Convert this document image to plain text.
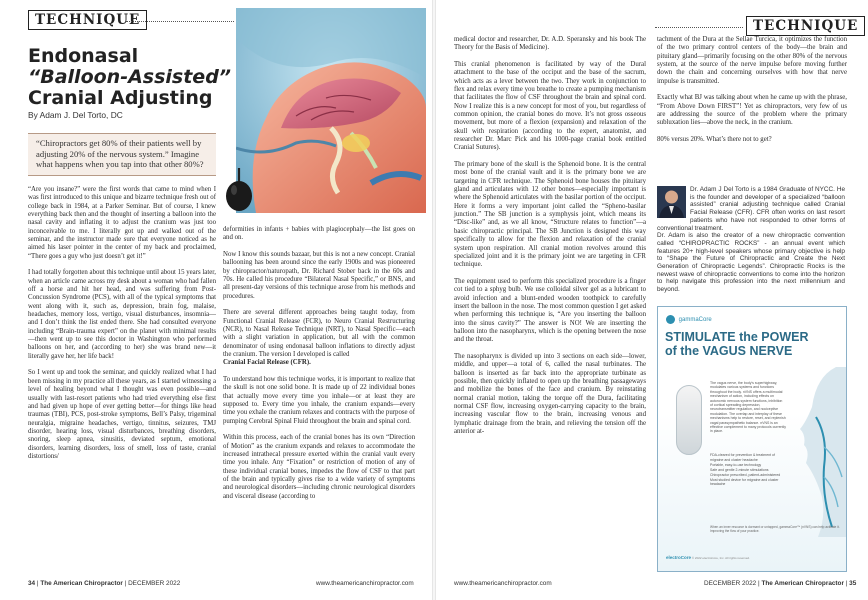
TECHNIQUE
Endonasal
“Balloon-Assisted”
Cranial Adjusting
By Adam J. Del Torto, DC
“Chiropractors get 80% of their patients well by adjusting 20% of the nervous system.” Imagine what happens when you tap into that other 80%?

“Are you insane?” were the first words that came to mind when I was first introduced to this unique and bizarre technique fresh out of college back in 1984, at a Parker Seminar. But of course, I knew everything back then and the thought of inserting a balloon into the nasal cavity and inflating it to adjust the cranium was just too inconceivable to me. I literally got up and walked out of the seminar, and the instructor made sure that everyone noticed as he aimed his laser pointer in the center of my back and proclaimed, “There goes a guy who just doesn’t get it!”

I had totally forgotten about this technique until about 15 years later, when an article came across my desk about a woman who had fallen off a horse and hit her head, and was suffering from Post-Concussion Syndrome (PCS), with all of the typical symptoms that went along with it, such as, depression, brain fog, malaise, headaches, memory loss, vertigo, visual disturbances, insomnia—and I don’t think the list ended there. She had consulted everyone including “Brain-trauma expert” on the planet with minimal results—then went up to see this doctor in Washington who performed balloons on her, and (according to her) she was brand new—it literally gave her, her life back!

So I went up and took the seminar, and quickly realized what I had been missing in my practice all these years, as I started witnessing a level of healing beyond what I thought was even possible—and usually with last-resort patients who had tried everything else first and had given up hope of ever getting better—for things like head traumas (TBI), PCS, post-stroke symptoms, Bell’s Palsy, trigeminal neuralgia, migraine headaches, vertigo, tinnitus, seizures, TMJ disorder, hearing loss, visual disturbances, breathing disorders, snoring, sleep apnea, sinusitis, deviated septum, emotional disorders, learning disorders, loss of smell, loss of taste, cranial distortions/

deformities in infants + babies with plagiocephaly—the list goes on and on.

Now I know this sounds bazaar, but this is not a new concept. Cranial ballooning has been around since the early 1900s and was pioneered by chiropractor/naturopath, Dr. Richard Stober back in the 60s and 70s. He called his procedure “Bilateral Nasal Specific,” or BNS, and all present-day versions of this technique arose from his methods and procedures.

There are several different approaches being taught today, from Functional Cranial Release (FCR), to Neuro Cranial Restructuring (NCR), to Nasal Release Technique (NRT), to Nasal Specific—each with a slight variation in application, but all with the common denominator of using endonasal balloon inflations to directly adjust the cranium. The version I developed is called

Cranial Facial Release (CFR).

To understand how this technique works, it is important to realize that the skull is not one solid bone. It is made up of 22 individual bones that actually move every time you inhale—or at least they are supposed to. Every time you inhale, the cranium expands—every time you exhale the cranium relaxes and contracts with the purpose of pumping Cerebral Spinal Fluid throughout the brain and spinal cord.

Within this process, each of the cranial bones has its own “Direction of Motion” as the cranium expands and relaxes to accommodate the increased intrathecal pressure exerted within the cranial vault every time you inhale. Any “Fixation” or restriction of motion of any of these individual cranial bones, impedes the flow of CSF to that part of the brain and typically gives rise to a wide variety of symptoms and neurological disorders—including chronic neurological disorders and visceral disease (according to

34 | The American Chiropractor | DECEMBER 2022	www.theamericanchiropractor.com
TECHNIQUE

medical doctor and researcher, Dr. A.D. Speransky and his book The Theory for the Basis of Medicine).

This cranial phenomenon is facilitated by way of the Dural attachment to the base of the occiput and the base of the sacrum, which acts as a lever between the two. They work in conjunction to flex and relax every time you breathe to create a pumping mechanism that facilitates the flow of CSF throughout the brain and spinal cord. Now I realize this is a new concept for most of you, but regardless of common opinion, the cranial bones do move. It’s not gross osseous movement, but more of a flexion (expansion) and relaxation of the skull with respiration (according to the expert, anatomist, and researcher Dr. Marc Pick and his 1000-page cranial book entitled Cranial Sutures).

The primary bone of the skull is the Sphenoid bone. It is the central most bone of the cranial vault and it is the primary bone we are targeting in CFR technique. The Sphenoid bone houses the pituitary gland and articulates with 12 other bones—especially important is where the Sphenoid articulates with the basilar portion of the occiput. Here it forms a very important joint called the “Spheno-basilar junction.” The SB junction is a symphysis joint, which means its “Disc-like” and, as we all know, “Structure relates to function”—a basic chiropractic principal. The SB Junction is designed this way specifically to allow for the flexion and relaxation of the cranial system upon respiration. All cranial motion revolves around this specialized joint and it is the primary joint we are targeting in CFR technique.

The equipment used to perform this specialized procedure is a finger cot tied to a sphyg bulb. We use colloidal silver gel as a lubricant to avoid infection and a blunt-ended wooden toothpick to carefully insert the balloon in the nose. The most common question I get asked when performing this technique is, “Are you inserting the balloon into the sinus cavity?” The answer is NO! We are inserting the balloon into the nasopharynx, which is the opening between the nose and the throat.

The nasopharynx is divided up into 3 sections on each side—lower, middle, and upper—a total of 6, called the nasal turbinates. The balloon is inserted as far back into the appropriate turbinate as possible, then quickly inflated to open up the breathing passageways and mobilize the bones of the face and cranium. By reinstating normal cranial motion, taking the torque off the Dura, facilitating normal CSF flow, increasing oxygen-carrying capacity to the brain, increasing vascular flow to the brain, increasing venous and lymphatic drainage from the brain, and relieving the tension off the anterior at-

tachment of the Dura at the Sellae Turcica, it optimizes the function of the two primary control centers of the body—the brain and pituitary gland—primarily focusing on the other 80% of the nervous system, at the source of the nerve impulse before moving further down the chain and concerning ourselves with how that nerve impulse is transmitted.

Exactly what BJ was talking about when he came up with the phrase, “From Above Down FIRST”! Yet as chiropractors, very few of us are addressing the source of the problem where the primary subluxation lies—above the neck, in the cranium.

80% versus 20%. What’s there not to get?

Dr. Adam J Del Torto is a 1984 Graduate of NYCC. He is the founder and developer of a specialized “balloon assisted” cranial adjusting technique called Cranial Facial Release (CFR). CFR often works on last resort patients who have not responded to other forms of conventional treatment.
Dr. Adam is also the creator of a new chiropractic convention called “CHIROPRACTIC ROCKS” - an annual event which features 20+ high-level speakers whose primary objective is help to “Shape the Future of Chiropractic and Create the Next Generation of Chiropractic Legends”. Chiropractic Rocks is the newest wave of chiropractic conventions to come into the horizon to help navigate this profession into the next millennium and beyond.
gammaCore
STIMULATE the POWER
of the VAGUS NERVE
The vagus nerve, the body’s superhighway, modulates various systems and functions throughout the body. nVNS offers a multimodal mechanism of action, including effects on autonomic nervous system functions, inhibition of cortical spreading depression, neurotransmitter regulation, and nociceptive modulation. The overlap and interplay of these mechanisms help to restore, reset, and replenish vagal parasympathetic balance. nVNS is an effective complement to many protocols currently in place.
FDA-cleared for prevention & treatment of migraine and cluster headache
Portable, easy-to-use technology
Safe and gentle 2-minute stimulations
Chiropractor prescribed, patient-administered
Most studied device for migraine and cluster headache
When an inner resource is dormant or untapped, gammaCore™ (nVNS) can help activate it. Improving the flow of your practice.
electroCore © 2022 electroCore, Inc. All rights reserved.
www.theamericanchiropractor.com	DECEMBER 2022 | The American Chiropractor | 35
